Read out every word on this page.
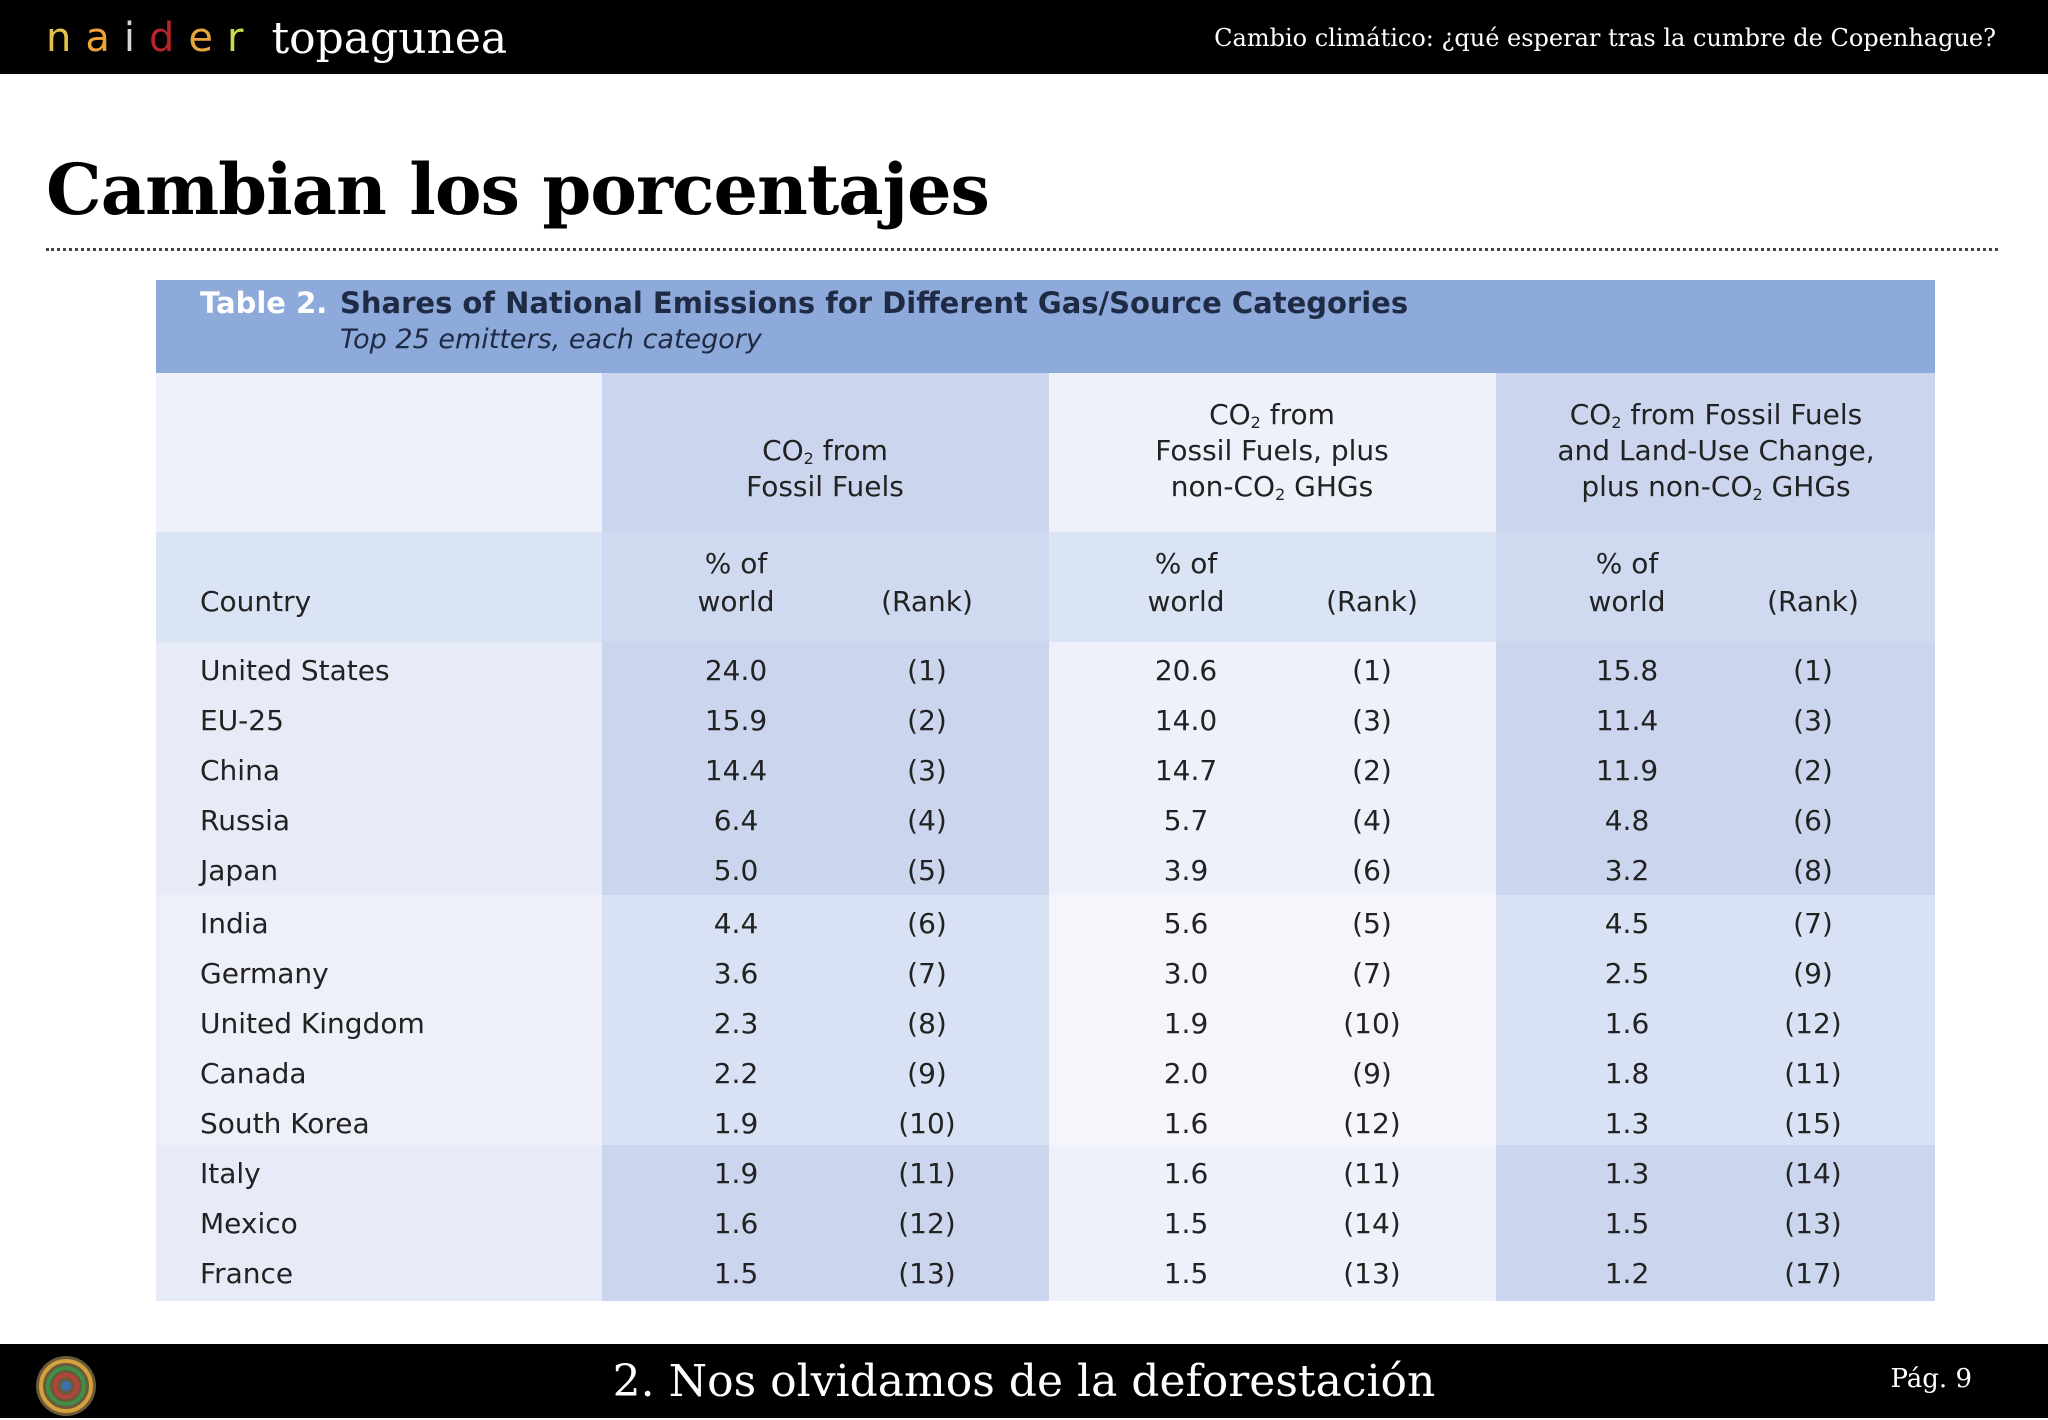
n a i d e r topagunea	Cambio climático: ¿qué esperar tras la cumbre de Copenhague?
Cambian los porcentajes
Table 2. Shares of National Emissions for Different Gas/Source Categories
Top 25 emitters, each category
$CO_2$ from
Fossil Fuels
$CO_2$ from
Fossil Fuels, plus
non-$CO_2$ GHGs
$CO_2$ from Fossil Fuels
and Land-Use Change,
plus non-$CO_2$ GHGs
Country
% of
world	(Rank)
% of
world	(Rank)
% of
world	(Rank)
United States	24.0	(1)	20.6	(1)	15.8	(1)
EU-25	15.9	(2)	14.0	(3)	11.4	(3)
China	14.4	(3)	14.7	(2)	11.9	(2)
Russia	6.4	(4)	5.7	(4)	4.8	(6)
Japan	5.0	(5)	3.9	(6)	3.2	(8)
India	4.4	(6)	5.6	(5)	4.5	(7)
Germany	3.6	(7)	3.0	(7)	2.5	(9)
United Kingdom	2.3	(8)	1.9	(10)	1.6	(12)
Canada	2.2	(9)	2.0	(9)	1.8	(11)
South Korea	1.9	(10)	1.6	(12)	1.3	(15)
Italy	1.9	(11)	1.6	(11)	1.3	(14)
Mexico	1.6	(12)	1.5	(14)	1.5	(13)
France	1.5	(13)	1.5	(13)	1.2	(17)
2. Nos olvidamos de la deforestación	Pág. 9
